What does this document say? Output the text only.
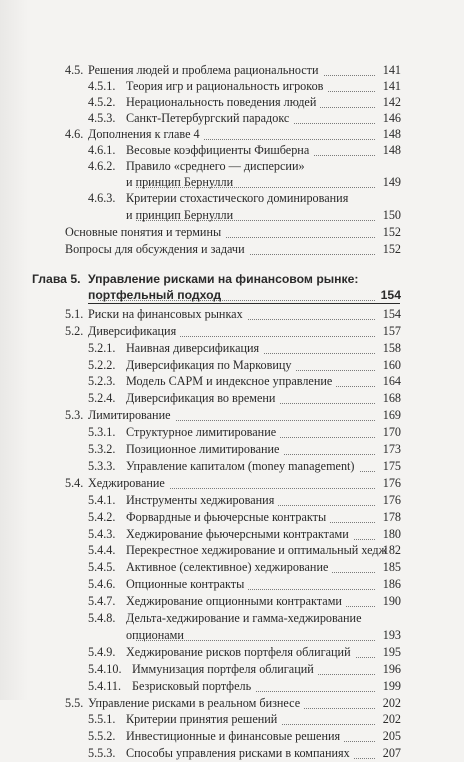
4.5. Решения людей и проблема рациональности	141
4.5.1. Теория игр и рациональность игроков	141
4.5.2. Нерациональность поведения людей	142
4.5.3. Санкт-Петербургский парадокс	146
4.6. Дополнения к главе 4	148
4.6.1. Весовые коэффициенты Фишберна	148
4.6.2. Правило «среднего — дисперсии»
и принцип Бернулли	149
4.6.3. Критерии стохастического доминирования
и принцип Бернулли	150
Основные понятия и термины	152
Вопросы для обсуждения и задачи	152
Глава 5. Управление рисками на финансовом рынке:
портфельный подход	154
5.1. Риски на финансовых рынках	154
5.2. Диверсификация	157
5.2.1. Наивная диверсификация	158
5.2.2. Диверсификация по Марковицу	160
5.2.3. Модель CAPM и индексное управление	164
5.2.4. Диверсификация во времени	168
5.3. Лимитирование	169
5.3.1. Структурное лимитирование	170
5.3.2. Позиционное лимитирование	173
5.3.3. Управление капиталом (money management)	175
5.4. Хеджирование	176
5.4.1. Инструменты хеджирования	176
5.4.2. Форвардные и фьючерсные контракты	178
5.4.3. Хеджирование фьючерсными контрактами	180
5.4.4. Перекрестное хеджирование и оптимальный хедж
182
5.4.5. Активное (селективное) хеджирование	185
5.4.6. Опционные контракты	186
5.4.7. Хеджирование опционными контрактами	190
5.4.8. Дельта-хеджирование и гамма-хеджирование
опционами	193
5.4.9. Хеджирование рисков портфеля облигаций	195
5.4.10. Иммунизация портфеля облигаций	196
5.4.11. Безрисковый портфель	199
5.5. Управление рисками в реальном бизнесе	202
5.5.1. Критерии принятия решений	202
5.5.2. Инвестиционные и финансовые решения	205
5.5.3. Способы управления рисками в компаниях	207
